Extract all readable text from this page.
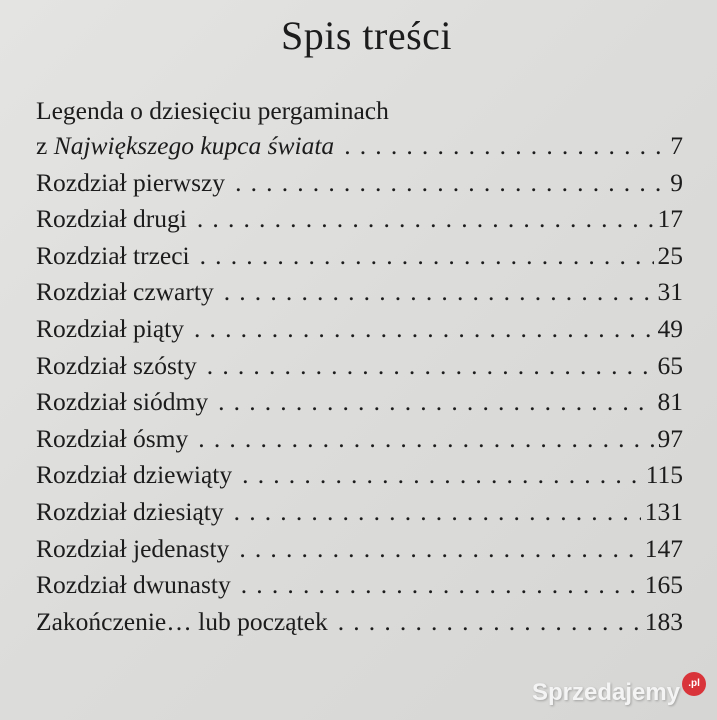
Spis treści
Legenda o dziesięciu pergaminach
z Największego kupca świata . . .	7
Rozdział pierwszy . . .	9
Rozdział drugi . . .	17
Rozdział trzeci . . .	25
Rozdział czwarty . . .	31
Rozdział piąty . . .	49
Rozdział szósty . . .	65
Rozdział siódmy . . .	81
Rozdział ósmy . . .	97
Rozdział dziewiąty . . .	115
Rozdział dziesiąty . . .	131
Rozdział jedenasty . . .	147
Rozdział dwunasty . . .	165
Zakończenie… lub początek . . .	183
Sprzedajemy .pl
